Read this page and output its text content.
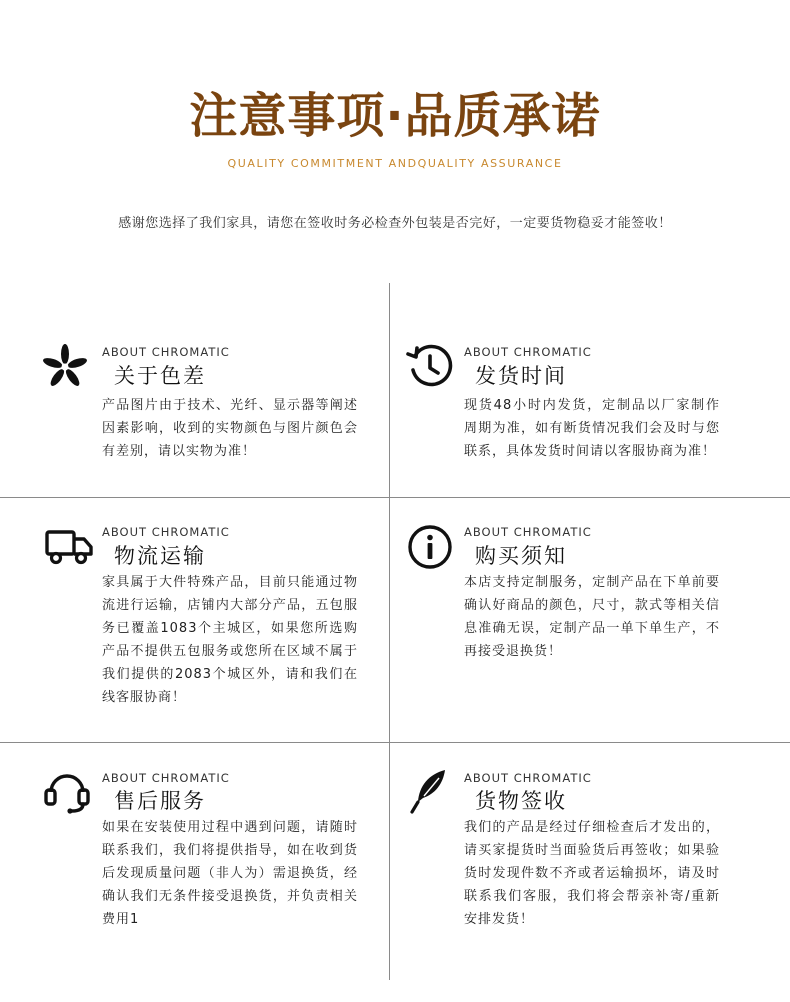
注意事项·品质承诺
QUALITY COMMITMENT ANDQUALITY ASSURANCE
感谢您选择了我们家具，请您在签收时务必检查外包装是否完好，一定要货物稳妥才能签收！
ABOUT CHROMATIC
关于色差
产品图片由于技术、光纤、显示器等阐述因素影响，收到的实物颜色与图片颜色会有差别，请以实物为准！
ABOUT CHROMATIC
发货时间
现货48小时内发货，定制品以厂家制作周期为准，如有断货情况我们会及时与您联系，具体发货时间请以客服协商为准！
ABOUT CHROMATIC
物流运输
家具属于大件特殊产品，目前只能通过物流进行运输，店铺内大部分产品，五包服务已覆盖1083个主城区，如果您所选购产品不提供五包服务或您所在区域不属于我们提供的2083个城区外，请和我们在线客服协商！
ABOUT CHROMATIC
购买须知
本店支持定制服务，定制产品在下单前要确认好商品的颜色，尺寸，款式等相关信息准确无误，定制产品一单下单生产，不再接受退换货！
ABOUT CHROMATIC
售后服务
如果在安装使用过程中遇到问题，请随时联系我们，我们将提供指导，如在收到货后发现质量问题（非人为）需退换货，经确认我们无条件接受退换货，并负责相关费用1
ABOUT CHROMATIC
货物签收
我们的产品是经过仔细检查后才发出的，请买家提货时当面验货后再签收；如果验货时发现件数不齐或者运输损坏，请及时联系我们客服，我们将会帮亲补寄/重新安排发货！
